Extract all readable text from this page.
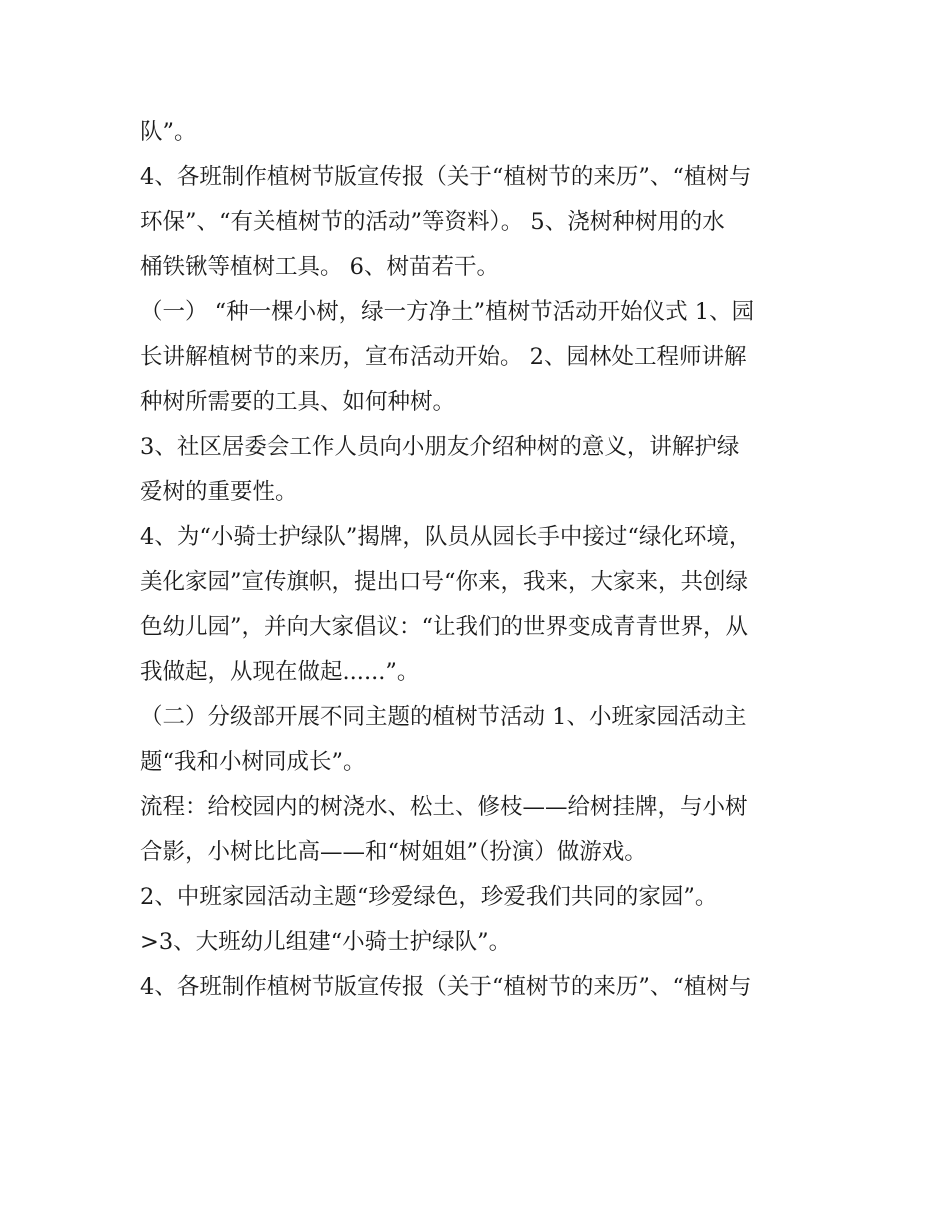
队”。
4、各班制作植树节版宣传报（关于“植树节的来历”、“植树与
环保”、“有关植树节的活动”等资料）。 5、浇树种树用的水
桶铁锹等植树工具。 6、树苗若干。
（一） “种一棵小树，绿一方净土”植树节活动开始仪式 1、园
长讲解植树节的来历，宣布活动开始。 2、园林处工程师讲解
种树所需要的工具、如何种树。
3、社区居委会工作人员向小朋友介绍种树的意义，讲解护绿
爱树的重要性。
4、为“小骑士护绿队”揭牌，队员从园长手中接过“绿化环境，
美化家园”宣传旗帜，提出口号“你来，我来，大家来，共创绿
色幼儿园”，并向大家倡议：“让我们的世界变成青青世界，从
我做起，从现在做起......”。
（二）分级部开展不同主题的植树节活动 1、小班家园活动主
题“我和小树同成长”。
流程：给校园内的树浇水、松土、修枝——给树挂牌，与小树
合影，小树比比高——和“树姐姐”（扮演）做游戏。
2、中班家园活动主题“珍爱绿色，珍爱我们共同的家园”。
>3、大班幼儿组建“小骑士护绿队”。
4、各班制作植树节版宣传报（关于“植树节的来历”、“植树与
